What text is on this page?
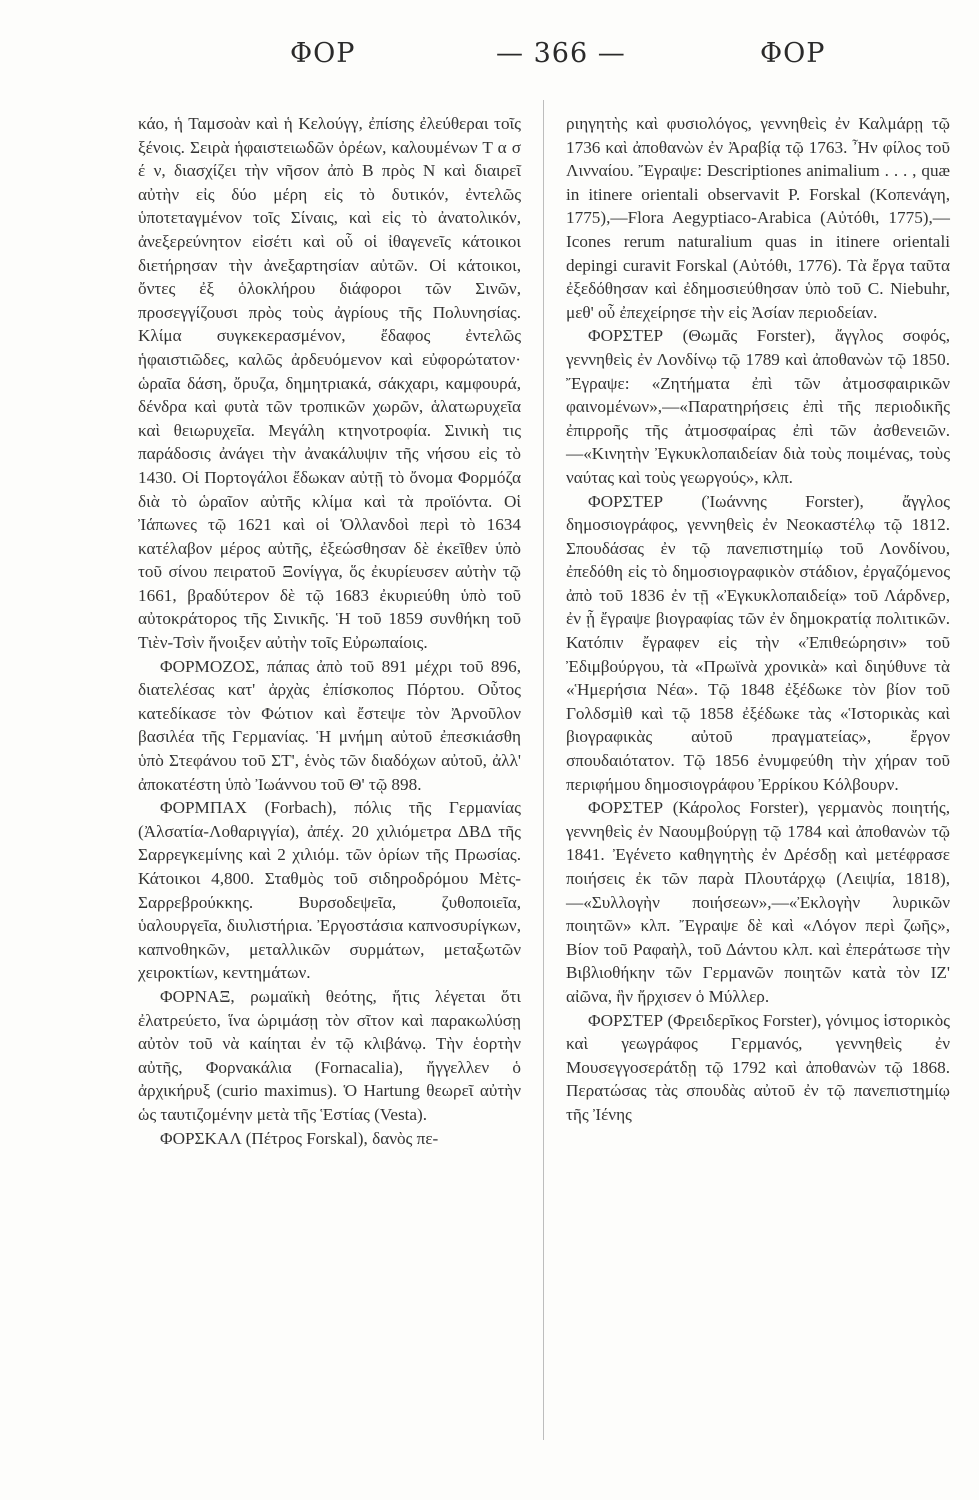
ΦΟΡ	— 366 —	ΦΟΡ

κάο, ἡ Ταμσοὰν καὶ ἡ Κελούγγ, ἐπίσης ἐλεύθεραι τοῖς ξένοις. Σειρὰ ἡφαιστειωδῶν ὀρέων, καλουμένων Τ α σ έ ν, διασχίζει τὴν νῆσον ἀπὸ Β πρὸς Ν καὶ διαιρεῖ αὐτὴν εἰς δύο μέρη εἰς τὸ δυτικόν, ἐντελῶς ὑποτεταγμένον τοῖς Σίναις, καὶ εἰς τὸ ἀνατολικόν, ἀνεξερεύνητον εἰσέτι καὶ οὗ οἱ ἰθαγενεῖς κάτοικοι διετήρησαν τὴν ἀνεξαρτησίαν αὐτῶν. Οἱ κάτοικοι, ὄντες ἐξ ὁλοκλήρου διάφοροι τῶν Σινῶν, προσεγγίζουσι πρὸς τοὺς ἀγρίους τῆς Πολυνησίας. Κλίμα συγκεκερασμένον, ἔδαφος ἐντελῶς ἡφαιστιῶδες, καλῶς ἀρδευόμενον καὶ εὐφορώτατον· ὡραῖα δάση, ὄρυζα, δημητριακά, σάκχαρι, καμφουρά, δένδρα καὶ φυτὰ τῶν τροπικῶν χωρῶν, ἁλατωρυχεῖα καὶ θειωρυχεῖα. Μεγάλη κτηνοτροφία. Σινικὴ τις παράδοσις ἀνάγει τὴν ἀνακάλυψιν τῆς νήσου εἰς τὸ 1430. Οἱ Πορτογάλοι ἔδωκαν αὐτῇ τὸ ὄνομα Φορμόζα διὰ τὸ ὡραῖον αὐτῆς κλίμα καὶ τὰ προϊόντα. Οἱ Ἰάπωνες τῷ 1621 καὶ οἱ Ὁλλανδοὶ περὶ τὸ 1634 κατέλαβον μέρος αὐτῆς, ἐξεώσθησαν δὲ ἐκεῖθεν ὑπὸ τοῦ σίνου πειρατοῦ Ξονίγγα, ὅς ἐκυρίευσεν αὐτὴν τῷ 1661, βραδύτερον δὲ τῷ 1683 ἐκυριεύθη ὑπὸ τοῦ αὐτοκράτορος τῆς Σινικῆς. Ἡ τοῦ 1859 συνθήκη τοῦ Τιὲν-Τσὶν ἤνοιξεν αὐτὴν τοῖς Εὐρωπαίοις.

ΦΟΡΜΟΖΟΣ, πάπας ἀπὸ τοῦ 891 μέχρι τοῦ 896, διατελέσας κατ' ἀρχὰς ἐπίσκοπος Πόρτου. Οὗτος κατεδίκασε τὸν Φώτιον καὶ ἔστεψε τὸν Ἀρνοῦλον βασιλέα τῆς Γερμανίας. Ἡ μνήμη αὐτοῦ ἐπεσκιάσθη ὑπὸ Στεφάνου τοῦ ΣΤ', ἑνὸς τῶν διαδόχων αὐτοῦ, ἀλλ' ἀποκατέστη ὑπὸ Ἰωάννου τοῦ Θ' τῷ 898.

ΦΟΡΜΠΑΧ (Forbach), πόλις τῆς Γερμανίας (Ἀλσατία-Λοθαριγγία), ἀπέχ. 20 χιλιόμετρα ΔΒΔ τῆς Σαρρεγκεμίνης καὶ 2 χιλιόμ. τῶν ὁρίων τῆς Πρωσίας. Κάτοικοι 4,800. Σταθμὸς τοῦ σιδηροδρόμου Μὲτς-Σαρρεβρούκκης. Βυρσοδεψεῖα, ζυθοποιεῖα, ὑαλουργεῖα, διυλιστήρια. Ἐργοστάσια καπνοσυρίγκων, καπνοθηκῶν, μεταλλικῶν συρμάτων, μεταξωτῶν χειροκτίων, κεντημάτων.

ΦΟΡΝΑΞ, ρωμαϊκὴ θεότης, ἥτις λέγεται ὅτι ἐλατρεύετο, ἵνα ὡριμάσῃ τὸν σῖτον καὶ παρακωλύσῃ αὐτὸν τοῦ νὰ καίηται ἐν τῷ κλιβάνῳ. Τὴν ἑορτὴν αὐτῆς, Φορνακάλια (Fornacalia), ἤγγελλεν ὁ ἀρχικήρυξ (curio maximus). Ὁ Hartung θεωρεῖ αὐτὴν ὡς ταυτιζομένην μετὰ τῆς Ἑστίας (Vesta).

ΦΟΡΣΚΑΛ (Πέτρος Forskal), δανὸς πε-

ριηγητὴς καὶ φυσιολόγος, γεννηθεὶς ἐν Καλμάρῃ τῷ 1736 καὶ ἀποθανὼν ἐν Ἀραβίᾳ τῷ 1763. Ἦν φίλος τοῦ Λινναίου. Ἔγραψε: Descriptiones animalium . . . , quæ in itinere orientali observavit P. Forskal (Κοπενάγη, 1775),—Flora Aegyptiaco-Arabica (Αὐτόθι, 1775),—Icones rerum naturalium quas in itinere orientali depingi curavit Forskal (Αὐτόθι, 1776). Τὰ ἔργα ταῦτα ἐξεδόθησαν καὶ ἐδημοσιεύθησαν ὑπὸ τοῦ C. Niebuhr, μεθ' οὗ ἐπεχείρησε τὴν εἰς Ἀσίαν περιοδείαν.

ΦΟΡΣΤΕΡ (Θωμᾶς Forster), ἄγγλος σοφός, γεννηθεὶς ἐν Λονδίνῳ τῷ 1789 καὶ ἀποθανὼν τῷ 1850. Ἔγραψε: «Ζητήματα ἐπὶ τῶν ἀτμοσφαιρικῶν φαινομένων»,—«Παρατηρήσεις ἐπὶ τῆς περιοδικῆς ἐπιρροῆς τῆς ἀτμοσφαίρας ἐπὶ τῶν ἀσθενειῶν.—«Κινητὴν Ἐγκυκλοπαιδείαν διὰ τοὺς ποιμένας, τοὺς ναύτας καὶ τοὺς γεωργούς», κλπ.

ΦΟΡΣΤΕΡ (Ἰωάννης Forster), ἄγγλος δημοσιογράφος, γεννηθεὶς ἐν Νεοκαστέλῳ τῷ 1812. Σπουδάσας ἐν τῷ πανεπιστημίῳ τοῦ Λονδίνου, ἐπεδόθη εἰς τὸ δημοσιογραφικὸν στάδιον, ἐργαζόμενος ἀπὸ τοῦ 1836 ἐν τῇ «Ἐγκυκλοπαιδείᾳ» τοῦ Λάρδνερ, ἐν ᾗ ἔγραψε βιογραφίας τῶν ἐν δημοκρατίᾳ πολιτικῶν. Κατόπιν ἔγραφεν εἰς τὴν «Ἐπιθεώρησιν» τοῦ Ἐδιμβούργου, τὰ «Πρωϊνὰ χρονικὰ» καὶ διηύθυνε τὰ «Ἡμερήσια Νέα». Τῷ 1848 ἐξέδωκε τὸν βίον τοῦ Γολδσμὶθ καὶ τῷ 1858 ἐξέδωκε τὰς «Ἱστορικὰς καὶ βιογραφικὰς αὐτοῦ πραγματείας», ἔργον σπουδαιότατον. Τῷ 1856 ἐνυμφεύθη τὴν χήραν τοῦ περιφήμου δημοσιογράφου Ἐρρίκου Κόλβουρν.

ΦΟΡΣΤΕΡ (Κάρολος Forster), γερμανὸς ποιητής, γεννηθεὶς ἐν Ναουμβούργῃ τῷ 1784 καὶ ἀποθανὼν τῷ 1841. Ἐγένετο καθηγητὴς ἐν Δρέσδῃ καὶ μετέφρασε ποιήσεις ἐκ τῶν παρὰ Πλουτάρχῳ (Λειψία, 1818),—«Συλλογὴν ποιήσεων»,—«Ἐκλογὴν λυρικῶν ποιητῶν» κλπ. Ἔγραψε δὲ καὶ «Λόγον περὶ ζωῆς», Βίον τοῦ Ραφαὴλ, τοῦ Δάντου κλπ. καὶ ἐπεράτωσε τὴν Βιβλιοθήκην τῶν Γερμανῶν ποιητῶν κατὰ τὸν ΙΖ' αἰῶνα, ἣν ἤρχισεν ὁ Μύλλερ.

ΦΟΡΣΤΕΡ (Φρειδερῖκος Forster), γόνιμος ἱστορικὸς καὶ γεωγράφος Γερμανός, γεννηθεὶς ἐν Μουσεγγοσεράτδῃ τῷ 1792 καὶ ἀποθανὼν τῷ 1868. Περατώσας τὰς σπουδὰς αὐτοῦ ἐν τῷ πανεπιστημίῳ τῆς Ἰένης
